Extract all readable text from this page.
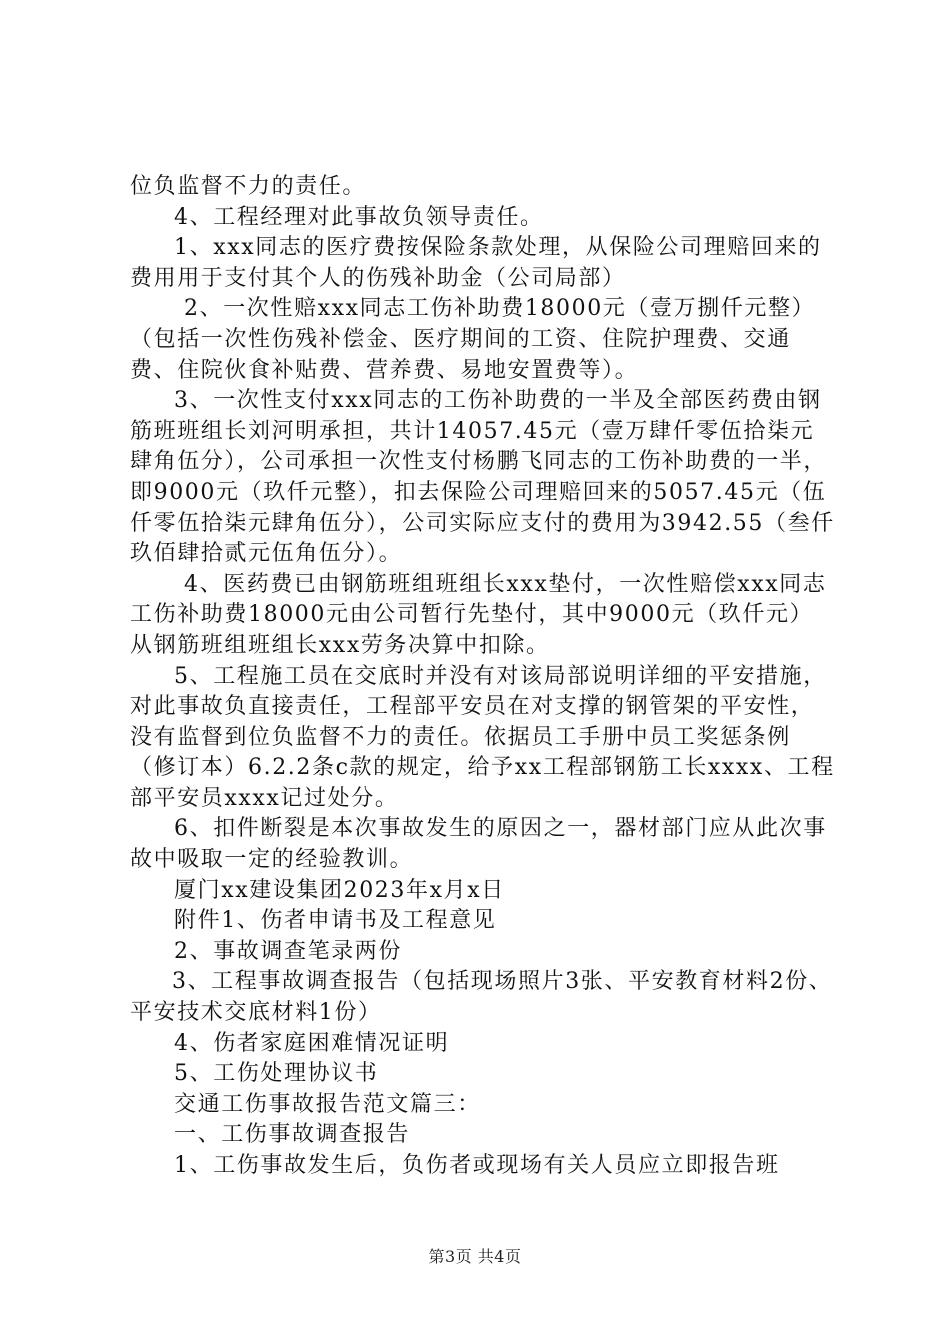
位负监督不力的责任。

4、工程经理对此事故负领导责任。

1、xxx同志的医疗费按保险条款处理，从保险公司理赔回来的费用用于支付其个人的伤残补助金（公司局部）

2、一次性赔xxx同志工伤补助费18000元（壹万捌仟元整）（包括一次性伤残补偿金、医疗期间的工资、住院护理费、交通费、住院伙食补贴费、营养费、易地安置费等）。

3、一次性支付xxx同志的工伤补助费的一半及全部医药费由钢筋班班组长刘河明承担，共计14057.45元（壹万肆仟零伍拾柒元肆角伍分），公司承担一次性支付杨鹏飞同志的工伤补助费的一半，即9000元（玖仟元整），扣去保险公司理赔回来的5057.45元（伍仟零伍拾柒元肆角伍分），公司实际应支付的费用为3942.55（叁仟玖佰肆拾贰元伍角伍分）。

4、医药费已由钢筋班组班组长xxx垫付，一次性赔偿xxx同志工伤补助费18000元由公司暂行先垫付，其中9000元（玖仟元）从钢筋班组班组长xxx劳务决算中扣除。

5、工程施工员在交底时并没有对该局部说明详细的平安措施，对此事故负直接责任，工程部平安员在对支撑的钢管架的平安性，没有监督到位负监督不力的责任。依据员工手册中员工奖惩条例（修订本）6.2.2条c款的规定，给予xx工程部钢筋工长xxxx、工程部平安员xxxx记过处分。

6、扣件断裂是本次事故发生的原因之一，器材部门应从此次事故中吸取一定的经验教训。

厦门xx建设集团2023年x月x日

附件1、伤者申请书及工程意见

2、事故调查笔录两份

3、工程事故调查报告（包括现场照片3张、平安教育材料2份、平安技术交底材料1份）

4、伤者家庭困难情况证明

5、工伤处理协议书

交通工伤事故报告范文篇三：

一、工伤事故调查报告

1、工伤事故发生后，负伤者或现场有关人员应立即报告班

第3页 共4页
